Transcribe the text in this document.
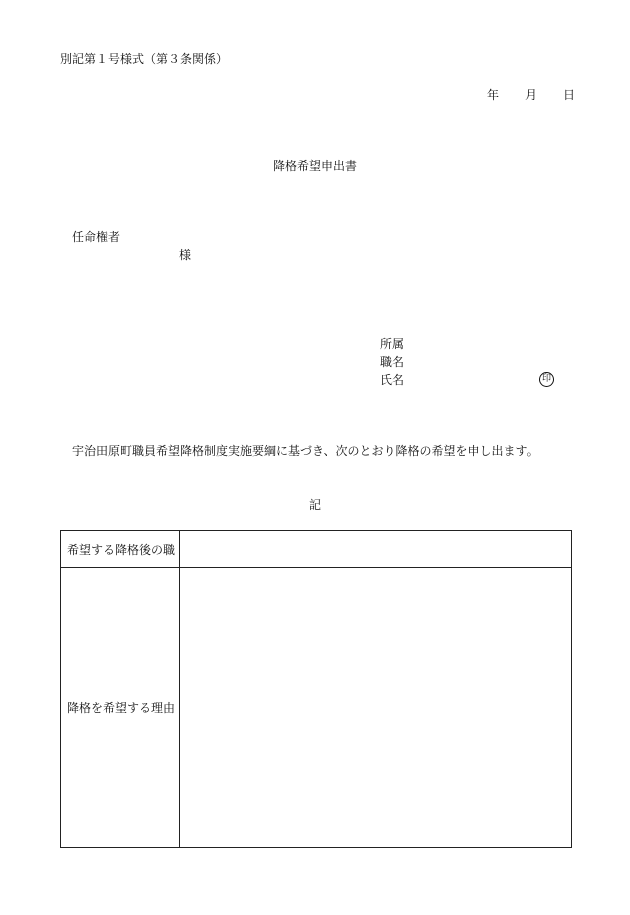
別記第１号様式（第３条関係）
年 月 日
降格希望申出書
任命権者
様
所属
職名
氏名	印
宇治田原町職員希望降格制度実施要綱に基づき、次のとおり降格の希望を申し出ます。
記
希望する降格後の職	
降格を希望する理由	
